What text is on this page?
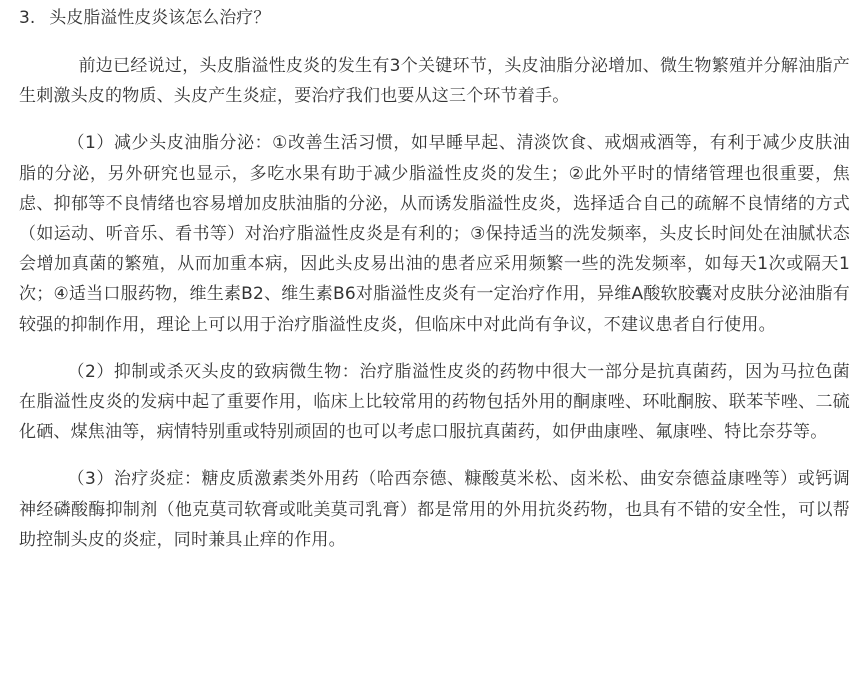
3. 头皮脂溢性皮炎该怎么治疗？

前边已经说过，头皮脂溢性皮炎的发生有3个关键环节，头皮油脂分泌增加、微生物繁殖并分解油脂产生刺激头皮的物质、头皮产生炎症，要治疗我们也要从这三个环节着手。

（1）减少头皮油脂分泌：①改善生活习惯，如早睡早起、清淡饮食、戒烟戒酒等，有利于减少皮肤油脂的分泌，另外研究也显示，多吃水果有助于减少脂溢性皮炎的发生；②此外平时的情绪管理也很重要，焦虑、抑郁等不良情绪也容易增加皮肤油脂的分泌，从而诱发脂溢性皮炎，选择适合自己的疏解不良情绪的方式（如运动、听音乐、看书等）对治疗脂溢性皮炎是有利的；③保持适当的洗发频率，头皮长时间处在油腻状态会增加真菌的繁殖，从而加重本病，因此头皮易出油的患者应采用频繁一些的洗发频率，如每天1次或隔天1次；④适当口服药物，维生素B2、维生素B6对脂溢性皮炎有一定治疗作用，异维A酸软胶囊对皮肤分泌油脂有较强的抑制作用，理论上可以用于治疗脂溢性皮炎，但临床中对此尚有争议，不建议患者自行使用。

（2）抑制或杀灭头皮的致病微生物：治疗脂溢性皮炎的药物中很大一部分是抗真菌药，因为马拉色菌在脂溢性皮炎的发病中起了重要作用，临床上比较常用的药物包括外用的酮康唑、环吡酮胺、联苯苄唑、二硫化硒、煤焦油等，病情特别重或特别顽固的也可以考虑口服抗真菌药，如伊曲康唑、氟康唑、特比奈芬等。

（3）治疗炎症：糖皮质激素类外用药（哈西奈德、糠酸莫米松、卤米松、曲安奈德益康唑等）或钙调神经磷酸酶抑制剂（他克莫司软膏或吡美莫司乳膏）都是常用的外用抗炎药物，也具有不错的安全性，可以帮助控制头皮的炎症，同时兼具止痒的作用。
